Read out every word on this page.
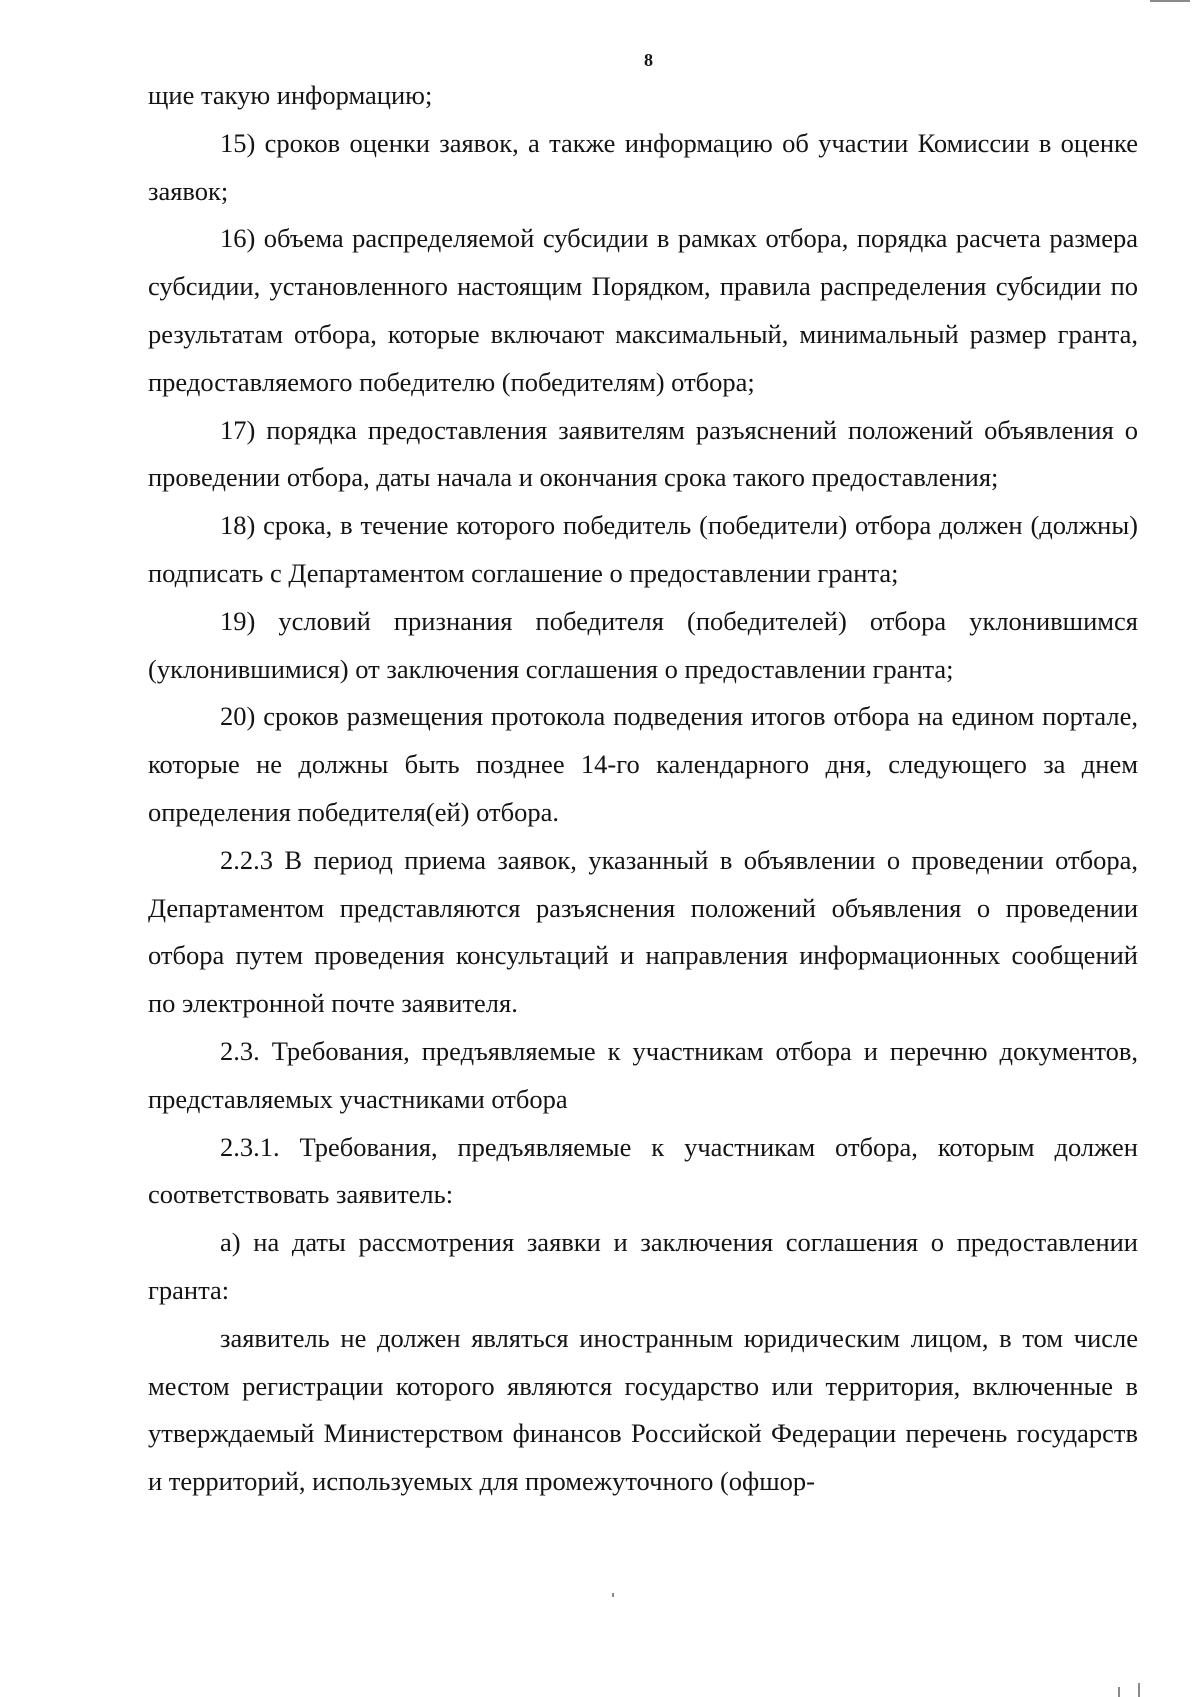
8

щие такую информацию;

15) сроков оценки заявок, а также информацию об участии Комиссии в оценке заявок;

16) объема распределяемой субсидии в рамках отбора, порядка расчета размера субсидии, установленного настоящим Порядком, правила распределения субсидии по результатам отбора, которые включают максимальный, минимальный размер гранта, предоставляемого победителю (победителям) отбора;

17) порядка предоставления заявителям разъяснений положений объявления о проведении отбора, даты начала и окончания срока такого предоставления;

18) срока, в течение которого победитель (победители) отбора должен (должны) подписать с Департаментом соглашение о предоставлении гранта;

19) условий признания победителя (победителей) отбора уклонившимся (уклонившимися) от заключения соглашения о предоставлении гранта;

20) сроков размещения протокола подведения итогов отбора на едином портале, которые не должны быть позднее 14-го календарного дня, следующего за днем определения победителя(ей) отбора.

2.2.3 В период приема заявок, указанный в объявлении о проведении отбора, Департаментом представляются разъяснения положений объявления о проведении отбора путем проведения консультаций и направления информационных сообщений по электронной почте заявителя.

2.3. Требования, предъявляемые к участникам отбора и перечню документов, представляемых участниками отбора

2.3.1. Требования, предъявляемые к участникам отбора, которым должен соответствовать заявитель:

а) на даты рассмотрения заявки и заключения соглашения о предоставлении гранта:

заявитель не должен являться иностранным юридическим лицом, в том числе местом регистрации которого являются государство или территория, включенные в утверждаемый Министерством финансов Российской Федерации перечень государств и территорий, используемых для промежуточного (офшор-
